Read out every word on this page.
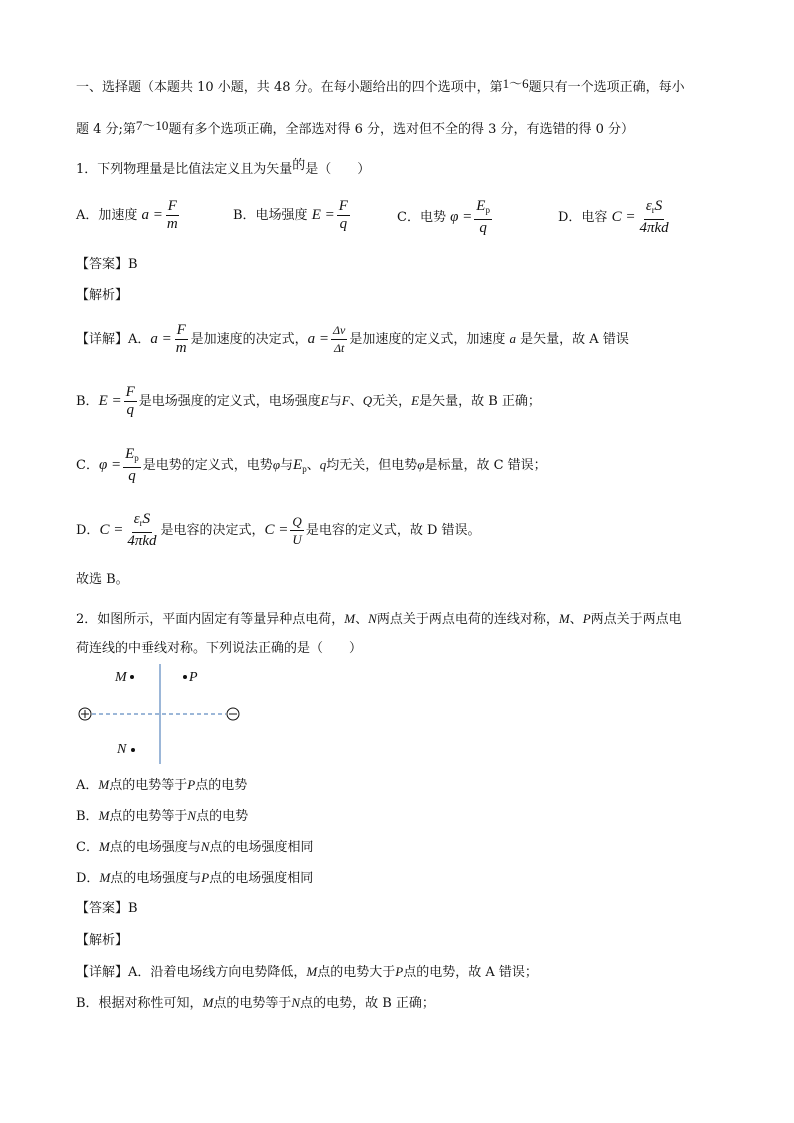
一、选择题（本题共 10 小题，共 48 分。在每小题给出的四个选项中，第1～6题只有一个选项正确，每小
题 4 分;第7～10题有多个选项正确，全部选对得 6 分，选对但不全的得 3 分，有选错的得 0 分）
1．下列物理量是比值法定义且为矢量的是（　　）
A．加速度 $a = \frac{F}{m}$	B．电场强度 $E = \frac{F}{q}$	C．电势 $\varphi = \frac{E_p}{q}$	D．电容 $C = \frac{\varepsilon_rS}{\text{4πkd}}$
【答案】B
【解析】
【详解】A．$a = \frac{F}{m}$ 是加速度的决定式，$a = \frac{\Delta v}{\Delta t}$ 是加速度的定义式，加速度 a 是矢量，故 A 错误
B．$E = \frac{F}{q}$ 是电场强度的定义式，电场强度E与F、Q无关，E是矢量，故 B 正确；
C．$\varphi = \frac{E_p}{q}$ 是电势的定义式，电势φ与$E_p$、q均无关，但电势φ是标量，故 C 错误；
D．$C = \frac{\varepsilon_rS}{\text{4πkd}}$ 是电容的决定式，$C = \frac{Q}{U}$ 是电容的定义式，故 D 错误。
故选 B。
2．如图所示，平面内固定有等量异种点电荷，M、N两点关于两点电荷的连线对称，M、P两点关于两点电
荷连线的中垂线对称。下列说法正确的是（　　）
M	P
N
A．M点的电势等于P点的电势
B．M点的电势等于N点的电势
C．M点的电场强度与N点的电场强度相同
D．M点的电场强度与P点的电场强度相同
【答案】B
【解析】
【详解】A．沿着电场线方向电势降低，M点的电势大于P点的电势，故 A 错误；
B．根据对称性可知，M点的电势等于N点的电势，故 B 正确；
